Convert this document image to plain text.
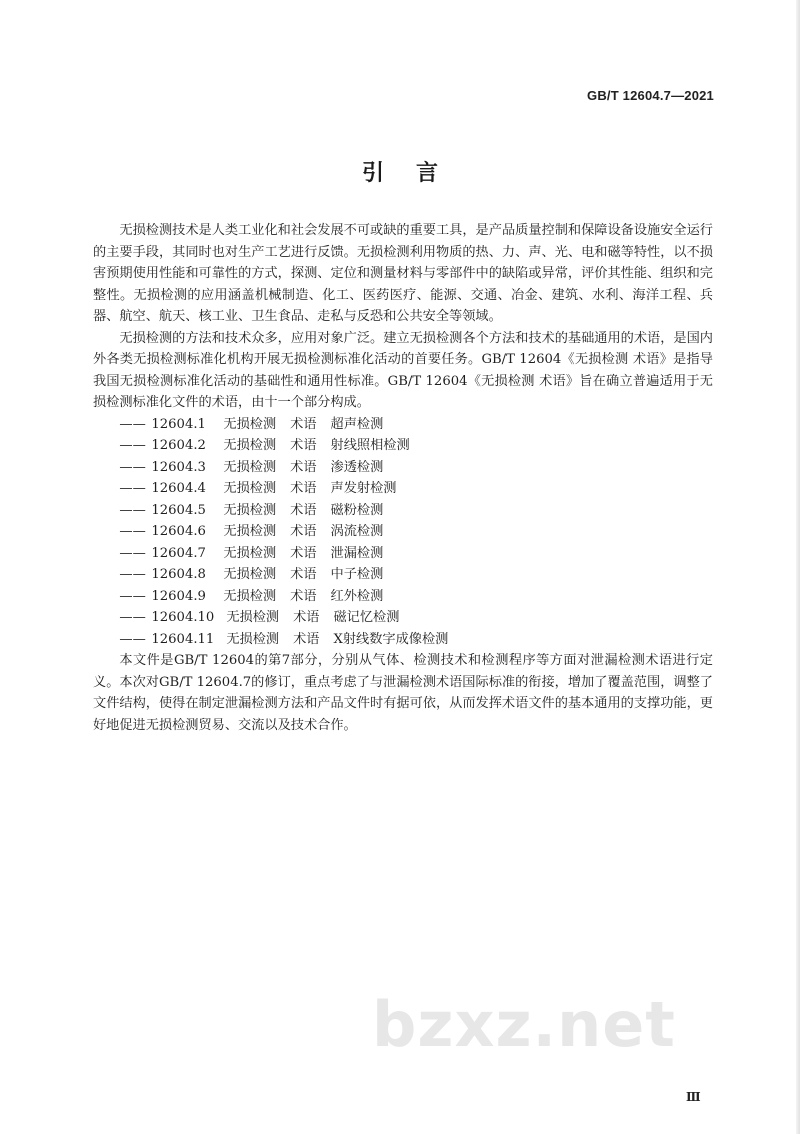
GB/T 12604.7—2021
引言

无损检测技术是人类工业化和社会发展不可或缺的重要工具，是产品质量控制和保障设备设施安全运行的主要手段，其同时也对生产工艺进行反馈。无损检测利用物质的热、力、声、光、电和磁等特性，以不损害预期使用性能和可靠性的方式，探测、定位和测量材料与零部件中的缺陷或异常，评价其性能、组织和完整性。无损检测的应用涵盖机械制造、化工、医药医疗、能源、交通、冶金、建筑、水利、海洋工程、兵器、航空、航天、核工业、卫生食品、走私与反恐和公共安全等领域。

无损检测的方法和技术众多，应用对象广泛。建立无损检测各个方法和技术的基础通用的术语，是国内外各类无损检测标准化机构开展无损检测标准化活动的首要任务。GB/T 12604《无损检测 术语》是指导我国无损检测标准化活动的基础性和通用性标准。GB/T 12604《无损检测 术语》旨在确立普遍适用于无损检测标准化文件的术语，由十一个部分构成。

—— 12604.1 无损检测 术语 超声检测
—— 12604.2 无损检测 术语 射线照相检测
—— 12604.3 无损检测 术语 渗透检测
—— 12604.4 无损检测 术语 声发射检测
—— 12604.5 无损检测 术语 磁粉检测
—— 12604.6 无损检测 术语 涡流检测
—— 12604.7 无损检测 术语 泄漏检测
—— 12604.8 无损检测 术语 中子检测
—— 12604.9 无损检测 术语 红外检测
—— 12604.10 无损检测 术语 磁记忆检测
—— 12604.11 无损检测 术语 X射线数字成像检测

本文件是GB/T 12604的第7部分，分别从气体、检测技术和检测程序等方面对泄漏检测术语进行定义。本次对GB/T 12604.7的修订，重点考虑了与泄漏检测术语国际标准的衔接，增加了覆盖范围，调整了文件结构，使得在制定泄漏检测方法和产品文件时有据可依，从而发挥术语文件的基本通用的支撑功能，更好地促进无损检测贸易、交流以及技术合作。

bzxz.net
Ⅲ
